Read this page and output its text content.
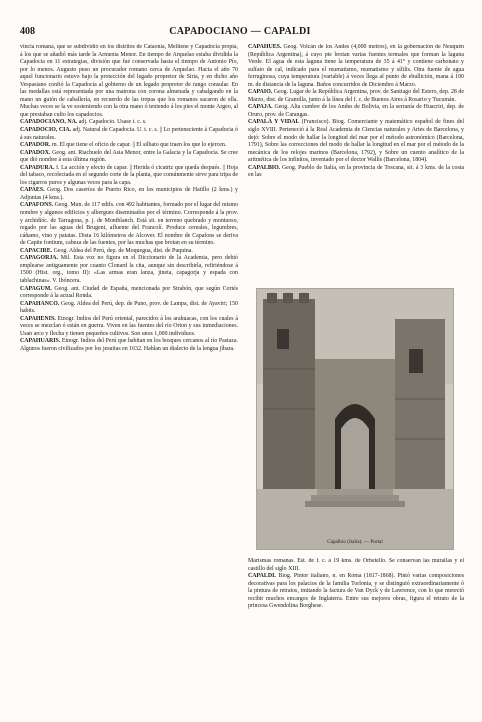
408	CAPADOCIANO — CAPALDI

vincia romana, que se subdividió en los distritos de Cataonia, Melitene y Capadocia propia, á los que se añadió más tarde la Armenia Menor. En tiempo de Arquelao estaba dividida la Capadocia en 11 estrategias, división que fué conservada hasta el tiempo de Antonio Pío, por lo menos. Augusto puso un procurador romano cerca de Arquelao. Hacia el año 70 aquel funcionario estuvo bajo la protección del legado propretor de Siria, y en dicho año Vespasiano confió la Capadocia al gobierno de un legado propretor de rango consular. En las medallas está representada por una matrona con corona almenada y cabalgando en la mano un guión de caballería, en recuerdo de las tropas que los romanos sacaron de ella. Muchas veces se la ve sosteniendo con la otra mano ó teniendo á los pies el monte Argeo, al que prestaban culto los capadocios.

CAPADOCIANO, NA. adj. Capadocio. Usase t. c. s.

CAPADOCIO, CIA. adj. Natural de Capadocia. U. t. c. s. || Lo perteneciente á Capadocia ó á sus naturales.

CAPADOR. m. El que tiene el oficio de capar. || El silbato que traen los que lo ejercen.

CAPADOX. Geog. ant. Riachuelo del Asia Menor, entre la Galacia y la Capadocia. Se cree que dió nombre á esta última región.

CAPADURA. f. La acción y efecto de capar. || Herida ó cicatriz que queda después. || Hoja del tabaco, recolectada en el segundo corte de la planta, que comúnmente sirve para tripa de los cigarros puros y algunas veces para la capa.

CAPAES. Geog. Dos caseríos de Puerto Rico, en los municipios de Hatillo (2 kms.) y Adjuntas (4 kms.).

CAPAFONS. Geog. Mun. de 117 edifs. con 492 habitantes, formado por el lugar del mismo nombre y algunos edificios y albergues diseminados por el término. Corresponde á la prov. y archidióc. de Tarragona, p. j. de Montblanch. Está sit. en terreno quebrado y montuoso, regado por las aguas del Brugent, afluente del Francolí. Produce cereales, legumbres, cáñamo, vino y patatas. Dista 16 kilómetros de Alcover. El nombre de Capafons se deriva de Capite fontium, cabeza de las fuentes, por las muchas que brotan en su término.

CAPACIRE. Geog. Aldea del Perú, dep. de Moquegua, dist. de Puquina.

CAPAGORJA. Mil. Esta voz no figura en el Diccionario de la Academia, pero debió emplearse antiguamente por cuanto Clonard la cita, aunque sin describirla, refiriéndose á 1500 (Hist. org., tomo II): «Las armas eran lanza, jineta, capagorja y espada con tablachinas». V. Ibóncera.

CAPAGUM. Geog. ant. Ciudad de España, mencionada por Strabón, que según Cortés corresponde á la actual Ronda.

CAPAHANCO. Geog. Aldea del Perú, dep. de Puno, prov. de Lampa, dist. de Ayaviri; 150 habits.

CAPAHENIS. Etnogr. Indios del Perú oriental, parecidos á los arahuacas, con los cuales á veces se mezclan ó están en guerra. Viven en las fuentes del río Orton y sus inmediaciones. Usan arco y flecha y tienen pequeños cultivos. Son unos 1,000 individuos.

CAPAHUARIS. Etnogr. Indios del Perú que habitan en los bosques cercanos al río Pastaza. Algunos fueron civilizados por los jesuitas en 1632. Hablan un dialecto de la lengua jíbara.

CAPAHUES. Geog. Volcán de los Andes (4,000 metros), en la gobernación de Neuquén (República Argentina), á cuyo pie brotan varias fuentes termales que forman la laguna Verde. El agua de esta laguna tiene la temperatura de 35 á 41° y contiene carbonato y sulfato de cal, indicado para el reumatismo, reumatismo y sífilis. Otra fuente de agua ferruginosa, cuya temperatura (variable) á veces llega al punto de ebullición, mana á 100 m. de distancia de la laguna. Baños concurridos de Diciembre á Marzo.

CAPAIO. Geog. Lugar de la República Argentina, prov. de Santiago del Estero, dep. 28 de Marzo, dist. de Gramilla, junto á la línea del f. c. de Buenos Aires á Rosario y Tucumán.

CAPAJA. Geog. Alta cumbre de los Andes de Bolivia, en la serranía de Huacriri, dep. de Oruro, prov. de Carangas.

CAPALÁ Y VIDAL (Francisco). Biog. Comerciante y matemático español de fines del siglo XVIII. Perteneció á la Real Academia de Ciencias naturales y Artes de Barcelona, y dejó: Sobre el modo de hallar la longitud del mar por el método astronómico (Barcelona, 1791), Sobre las correcciones del modo de hallar la longitud en el mar por el método de la mecánica de los relojes marinos (Barcelona, 1792), y Sobre un cuento analítico de la aritmética de los infinitos, inventado por el doctor Wallis (Barcelona, 1804).

CAPALBIO. Geog. Pueblo de Italia, en la provincia de Toscana, sit. á 3 kms. de la costa en las

Capalbio (Italia). — Portal

Marismas romanas. Est. de f. c. á 19 kms. de Orbetello. Se conservan las murallas y el castillo del siglo XIII.

CAPALDI. Biog. Pintor italiano, n. en Roma (1817-1868). Pintó varias composiciones decorativas para los palacios de la familia Torlonia, y se distinguió extraordinariamente ó la pintura de retratos, imitando la factura de Van Dyck y de Lawrence, con lo que mereció recibir muchos encargos de Inglaterra. Entre sus mejores obras, figura el retrato de la princesa Gwendolina Borghese.
